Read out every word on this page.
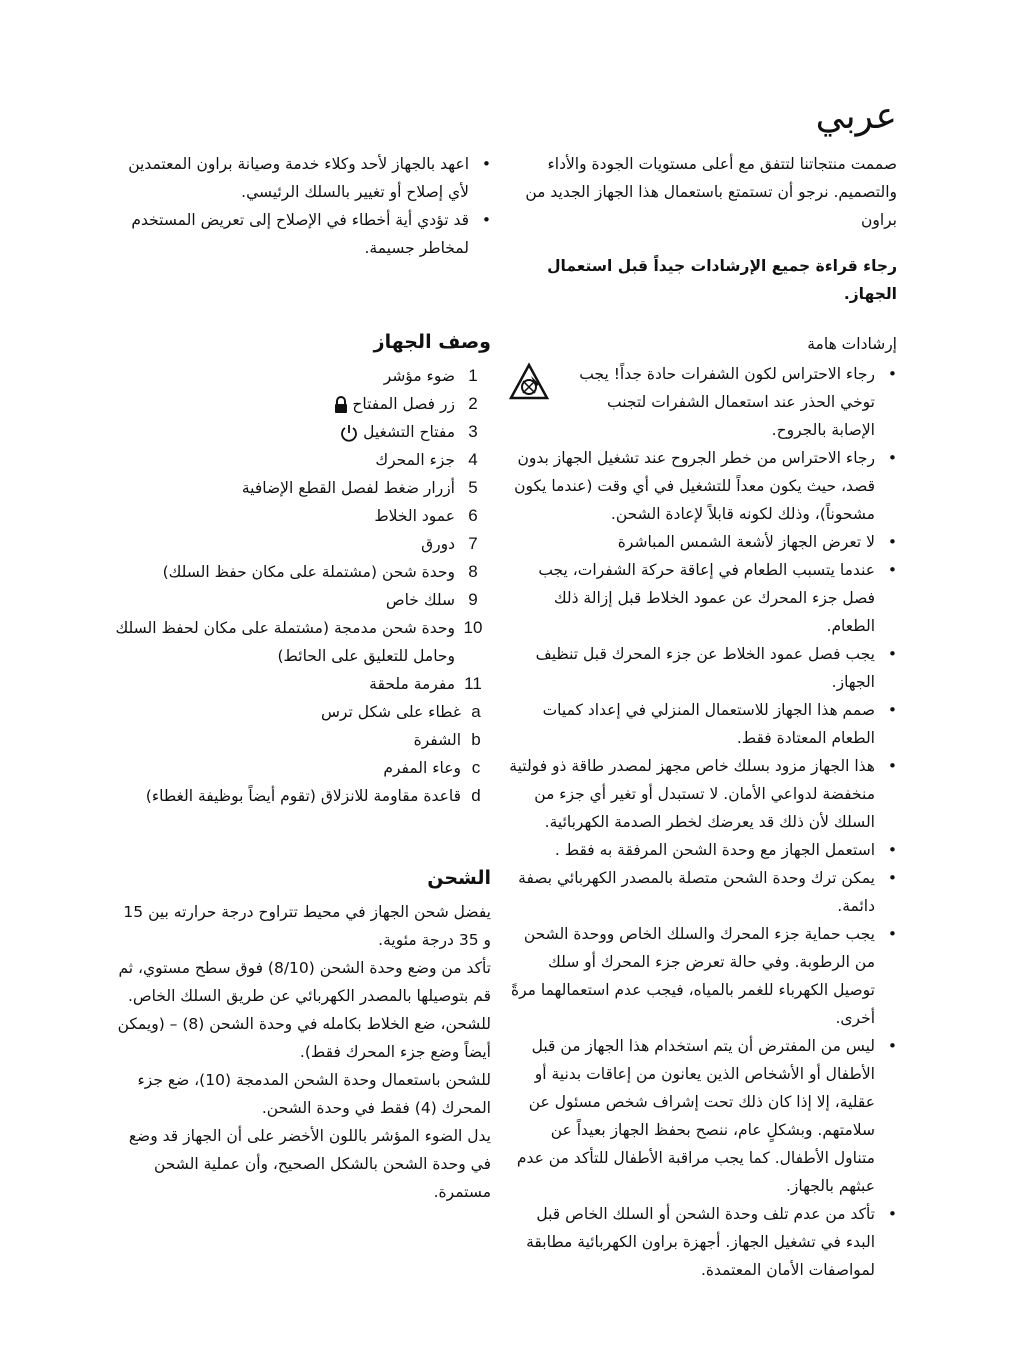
عربي

صممت منتجاتنا لتتفق مع أعلى مستويات الجودة والأداء والتصميم. نرجو أن تستمتع باستعمال هذا الجهاز الجديد من براون

رجاء قراءة جميع الإرشادات جيداً قبل استعمال الجهاز.

إرشادات هامة

• رجاء الاحتراس لكون الشفرات حادة جداً! يجب توخي الحذر عند استعمال الشفرات لتجنب الإصابة بالجروح.
• رجاء الاحتراس من خطر الجروح عند تشغيل الجهاز بدون قصد، حيث يكون معداً للتشغيل في أي وقت (عندما يكون مشحوناً)، وذلك لكونه قابلاً لإعادة الشحن.
• لا تعرض الجهاز لأشعة الشمس المباشرة
• عندما يتسبب الطعام في إعاقة حركة الشفرات، يجب فصل جزء المحرك عن عمود الخلاط قبل إزالة ذلك الطعام.
• يجب فصل عمود الخلاط عن جزء المحرك قبل تنظيف الجهاز.
• صمم هذا الجهاز للاستعمال المنزلي في إعداد كميات الطعام المعتادة فقط.
• هذا الجهاز مزود بسلك خاص مجهز لمصدر طاقة ذو فولتية منخفضة لدواعي الأمان. لا تستبدل أو تغير أي جزء من السلك لأن ذلك قد يعرضك لخطر الصدمة الكهربائية.
• استعمل الجهاز مع وحدة الشحن المرفقة به فقط .
• يمكن ترك وحدة الشحن متصلة بالمصدر الكهربائي بصفة دائمة.
• يجب حماية جزء المحرك والسلك الخاص ووحدة الشحن من الرطوبة. وفي حالة تعرض جزء المحرك أو سلك توصيل الكهرباء للغمر بالمياه، فيجب عدم استعمالهما مرةً أخرى.
• ليس من المفترض أن يتم استخدام هذا الجهاز من قبل الأطفال أو الأشخاص الذين يعانون من إعاقات بدنية أو عقلية، إلا إذا كان ذلك تحت إشراف شخص مسئول عن سلامتهم. وبشكلٍ عام، ننصح بحفظ الجهاز بعيداً عن متناول الأطفال. كما يجب مراقبة الأطفال للتأكد من عدم عبثهم بالجهاز.
• تأكد من عدم تلف وحدة الشحن أو السلك الخاص قبل البدء في تشغيل الجهاز. أجهزة براون الكهربائية مطابقة لمواصفات الأمان المعتمدة.
• اعهد بالجهاز لأحد وكلاء خدمة وصيانة براون المعتمدين لأي إصلاح أو تغيير بالسلك الرئيسي.
• قد تؤدي أية أخطاء في الإصلاح إلى تعريض المستخدم لمخاطر جسيمة.
وصف الجهاز
1
ضوء مؤشر
2
زر فصل المفتاح
3
مفتاح التشغيل
4
جزء المحرك
5
أزرار ضغط لفصل القطع الإضافية
6
عمود الخلاط
7
دورق
8
وحدة شحن (مشتملة على مكان حفظ السلك)
9
سلك خاص
10
وحدة شحن مدمجة (مشتملة على مكان لحفظ السلك وحامل للتعليق على الحائط)
11
مفرمة ملحقة
a
غطاء على شكل ترس
b
الشفرة
c
وعاء المفرم
d
قاعدة مقاومة للانزلاق (تقوم أيضاً بوظيفة الغطاء)
الشحن

يفضل شحن الجهاز في محيط تتراوح درجة حرارته بين 15 و 35 درجة مئوية.

تأكد من وضع وحدة الشحن (8/10) فوق سطح مستوي، ثم قم بتوصيلها بالمصدر الكهربائي عن طريق السلك الخاص.

للشحن، ضع الخلاط بكامله في وحدة الشحن (8) – (ويمكن أيضاً وضع جزء المحرك فقط).

للشحن باستعمال وحدة الشحن المدمجة (10)، ضع جزء المحرك (4) فقط في وحدة الشحن.

يدل الضوء المؤشر باللون الأخضر على أن الجهاز قد وضع في وحدة الشحن بالشكل الصحيح، وأن عملية الشحن مستمرة.
